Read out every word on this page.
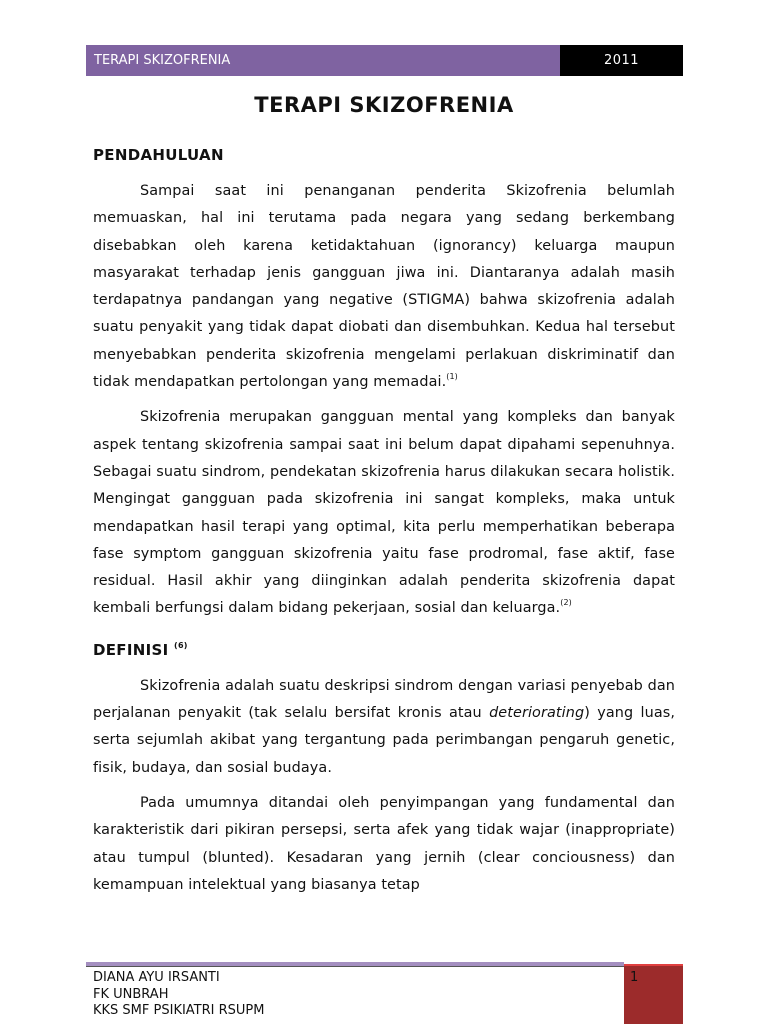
TERAPI SKIZOFRENIA	2011
TERAPI SKIZOFRENIA
PENDAHULUAN

Sampai saat ini penanganan penderita Skizofrenia belumlah memuaskan, hal ini terutama pada negara yang sedang berkembang disebabkan oleh karena ketidaktahuan (ignorancy) keluarga maupun masyarakat terhadap jenis gangguan jiwa ini. Diantaranya adalah masih terdapatnya pandangan yang negative (STIGMA) bahwa skizofrenia adalah suatu penyakit yang tidak dapat diobati dan disembuhkan. Kedua hal tersebut menyebabkan penderita skizofrenia mengelami perlakuan diskriminatif dan tidak mendapatkan pertolongan yang memadai.$^{(1)}$

Skizofrenia merupakan gangguan mental yang kompleks dan banyak aspek tentang skizofrenia sampai saat ini belum dapat dipahami sepenuhnya. Sebagai suatu sindrom, pendekatan skizofrenia harus dilakukan secara holistik. Mengingat gangguan pada skizofrenia ini sangat kompleks, maka untuk mendapatkan hasil terapi yang optimal, kita perlu memperhatikan beberapa fase symptom gangguan skizofrenia yaitu fase prodromal, fase aktif, fase residual. Hasil akhir yang diinginkan adalah penderita skizofrenia dapat kembali berfungsi dalam bidang pekerjaan, sosial dan keluarga.$^{(2)}$

DEFINISI $^{(6)}$

Skizofrenia adalah suatu deskripsi sindrom dengan variasi penyebab dan perjalanan penyakit (tak selalu bersifat kronis atau deteriorating) yang luas, serta sejumlah akibat yang tergantung pada perimbangan pengaruh genetic, fisik, budaya, dan sosial budaya.

Pada umumnya ditandai oleh penyimpangan yang fundamental dan karakteristik dari pikiran persepsi, serta afek yang tidak wajar (inappropriate) atau tumpul (blunted). Kesadaran yang jernih (clear conciousness) dan kemampuan intelektual yang biasanya tetap

DIANA AYU IRSANTI
FK UNBRAH
KKS SMF PSIKIATRI RSUPM
1
